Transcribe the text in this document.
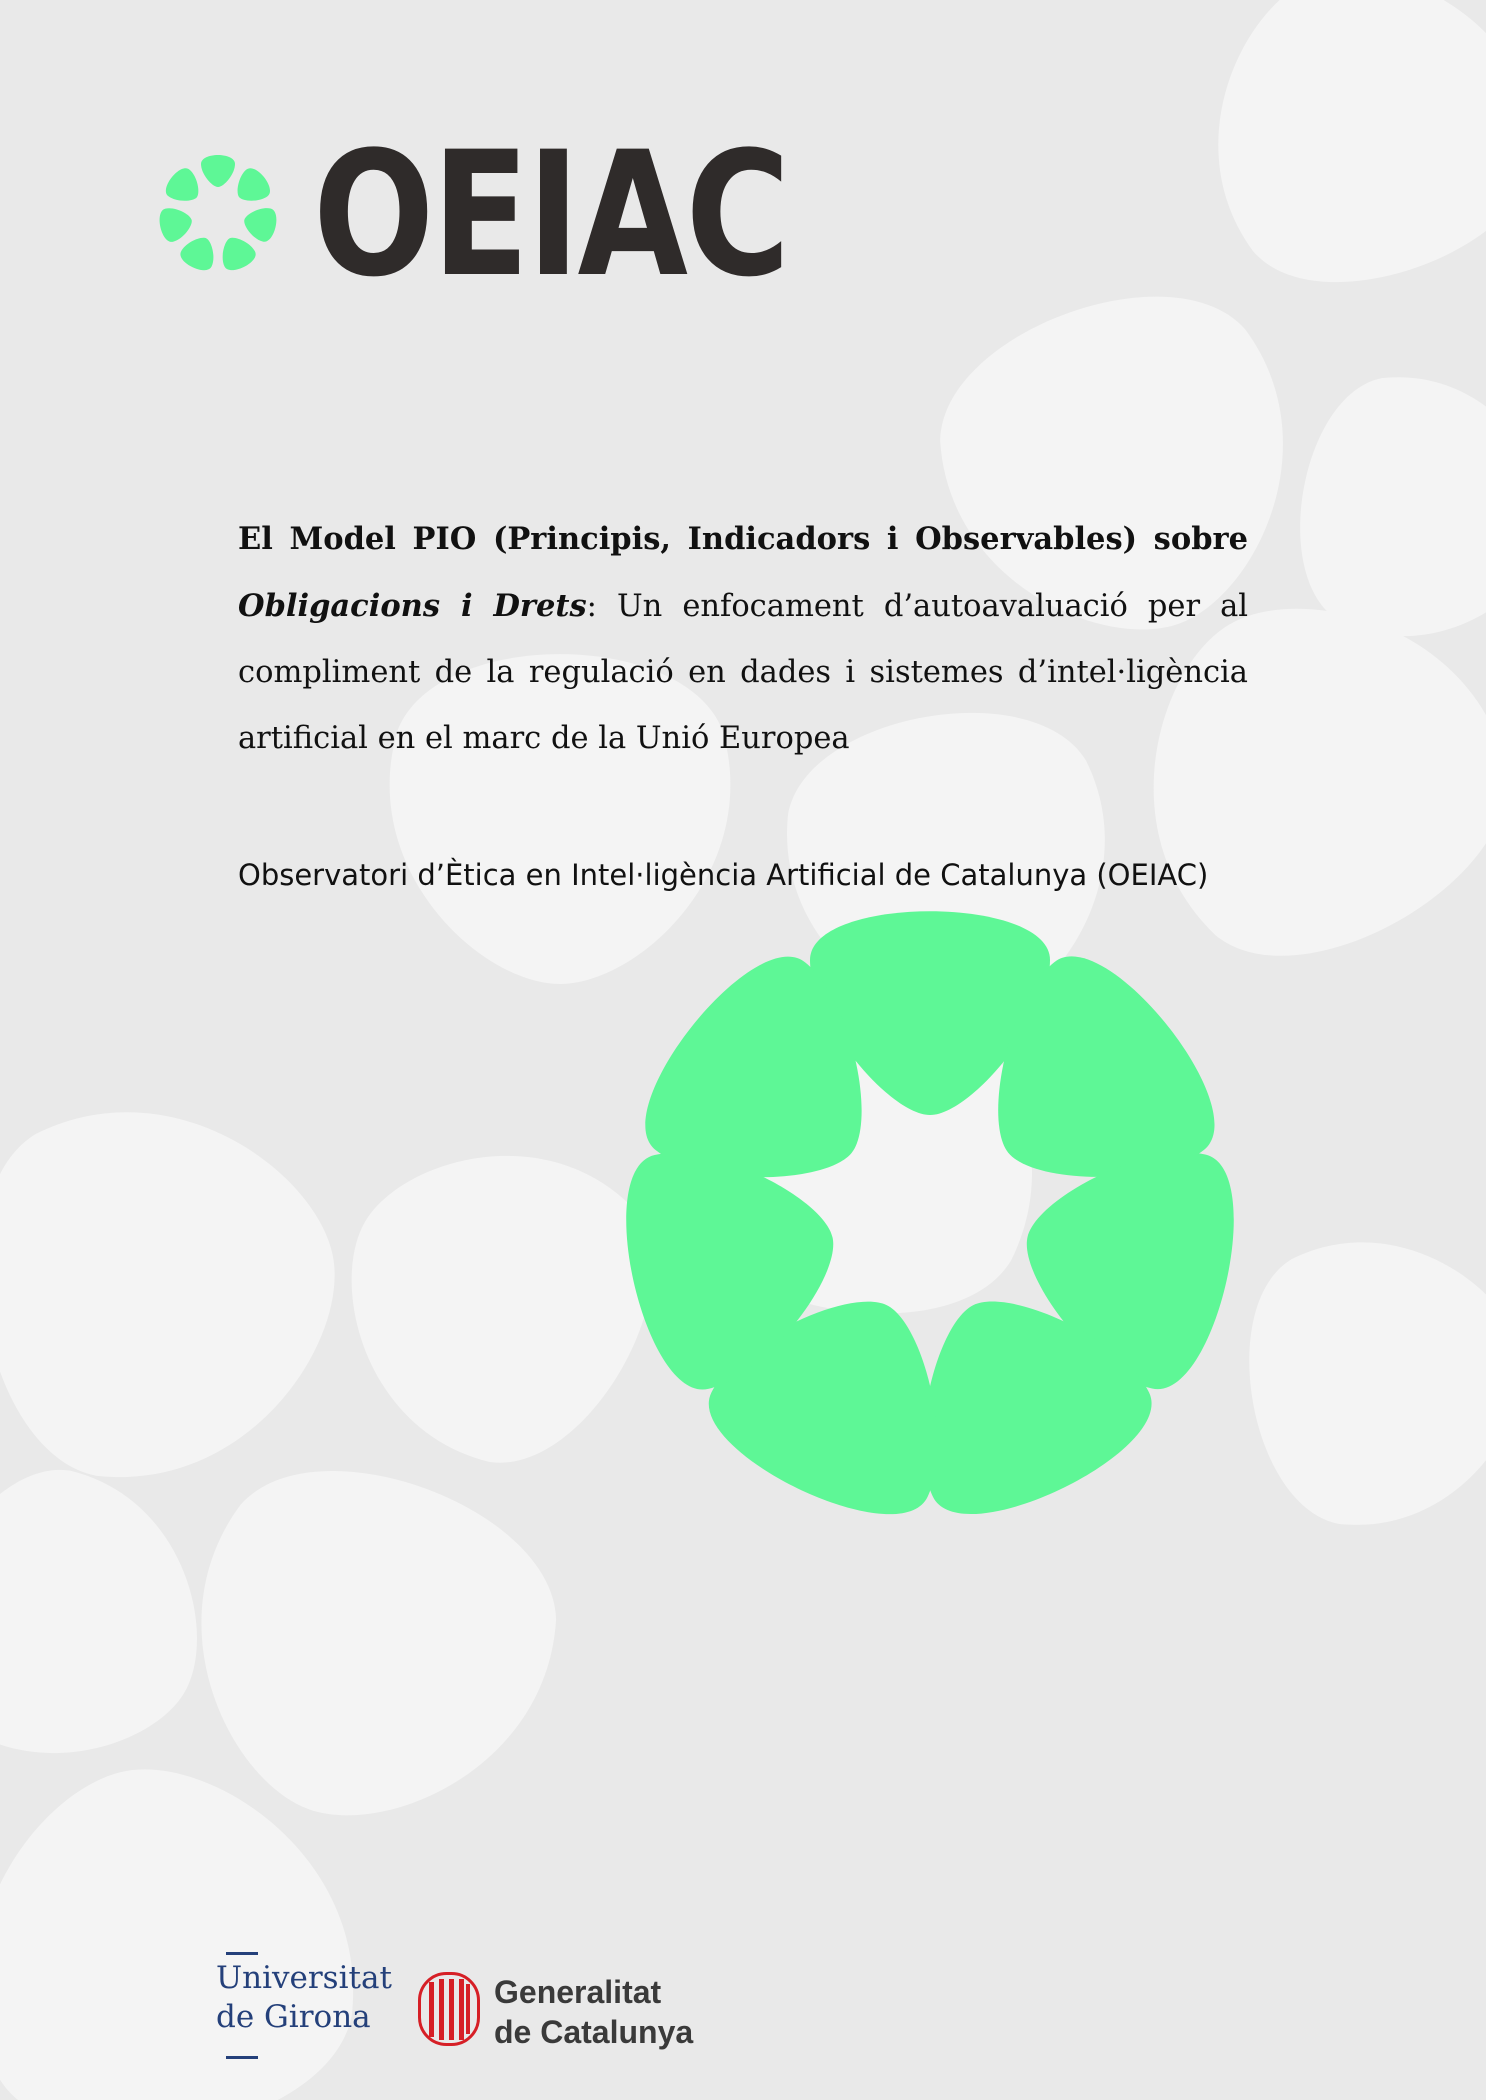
OEIAC
El Model PIO (Principis, Indicadors i Observables) sobre Obligacions i Drets: Un enfocament d’autoavaluació per al compliment de la regulació en dades i sistemes d’intel·ligència artificial en el marc de la Unió Europea
Observatori d’Ètica en Intel·ligència Artificial de Catalunya (OEIAC)
Universitat
de Girona
Generalitat
de Catalunya
